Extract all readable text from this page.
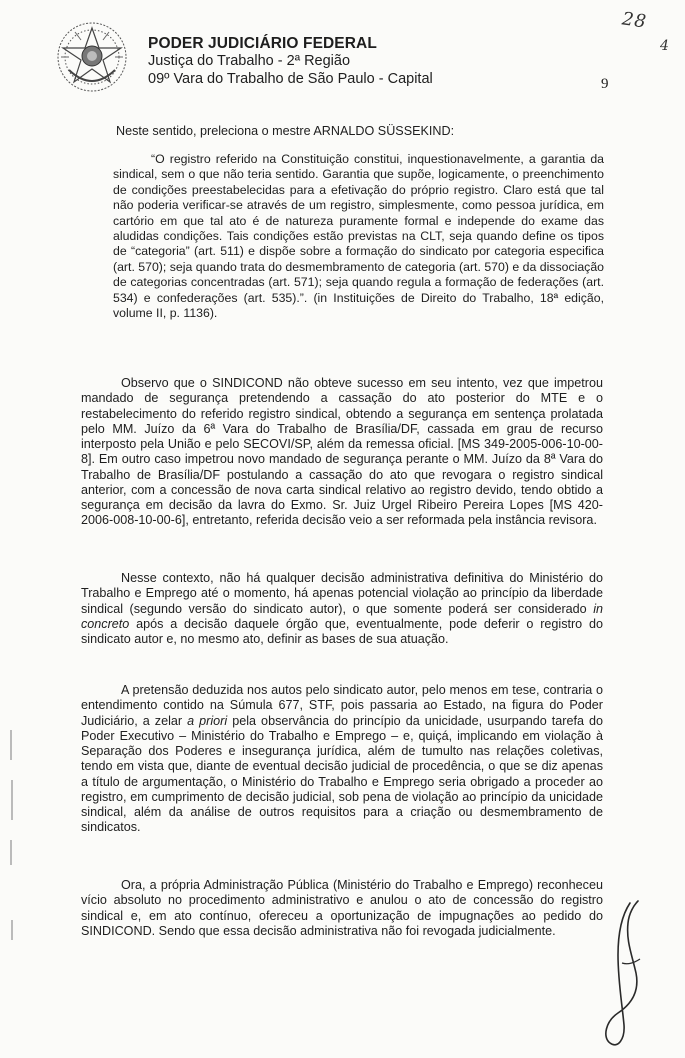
PODER JUDICIÁRIO FEDERAL
Justiça do Trabalho - 2ª Região
09º Vara do Trabalho de São Paulo - Capital	9
28
4
Neste sentido, preleciona o mestre ARNALDO SÜSSEKIND:
“O registro referido na Constituição constitui, inquestionavelmente, a garantia da sindical, sem o que não teria sentido. Garantia que supõe, logicamente, o preenchimento de condições preestabelecidas para a efetivação do próprio registro. Claro está que tal não poderia verificar-se através de um registro, simplesmente, como pessoa jurídica, em cartório em que tal ato é de natureza puramente formal e independe do exame das aludidas condições. Tais condições estão previstas na CLT, seja quando define os tipos de “categoria” (art. 511) e dispõe sobre a formação do sindicato por categoria especifica (art. 570); seja quando trata do desmembramento de categoria (art. 570) e da dissociação de categorias concentradas (art. 571); seja quando regula a formação de federações (art. 534) e confederações (art. 535).”. (in Instituições de Direito do Trabalho, 18ª edição, volume II, p. 1136).
Observo que o SINDICOND não obteve sucesso em seu intento, vez que impetrou mandado de segurança pretendendo a cassação do ato posterior do MTE e o restabelecimento do referido registro sindical, obtendo a segurança em sentença prolatada pelo MM. Juízo da 6ª Vara do Trabalho de Brasília/DF, cassada em grau de recurso interposto pela União e pelo SECOVI/SP, além da remessa oficial. [MS 349-2005-006-10-00-8]. Em outro caso impetrou novo mandado de segurança perante o MM. Juízo da 8ª Vara do Trabalho de Brasília/DF postulando a cassação do ato que revogara o registro sindical anterior, com a concessão de nova carta sindical relativo ao registro devido, tendo obtido a segurança em decisão da lavra do Exmo. Sr. Juiz Urgel Ribeiro Pereira Lopes [MS 420-2006-008-10-00-6], entretanto, referida decisão veio a ser reformada pela instância revisora.
Nesse contexto, não há qualquer decisão administrativa definitiva do Ministério do Trabalho e Emprego até o momento, há apenas potencial violação ao princípio da liberdade sindical (segundo versão do sindicato autor), o que somente poderá ser considerado in concreto após a decisão daquele órgão que, eventualmente, pode deferir o registro do sindicato autor e, no mesmo ato, definir as bases de sua atuação.
A pretensão deduzida nos autos pelo sindicato autor, pelo menos em tese, contraria o entendimento contido na Súmula 677, STF, pois passaria ao Estado, na figura do Poder Judiciário, a zelar a priori pela observância do princípio da unicidade, usurpando tarefa do Poder Executivo – Ministério do Trabalho e Emprego – e, quiçá, implicando em violação à Separação dos Poderes e insegurança jurídica, além de tumulto nas relações coletivas, tendo em vista que, diante de eventual decisão judicial de procedência, o que se diz apenas a título de argumentação, o Ministério do Trabalho e Emprego seria obrigado a proceder ao registro, em cumprimento de decisão judicial, sob pena de violação ao princípio da unicidade sindical, além da análise de outros requisitos para a criação ou desmembramento de sindicatos.
Ora, a própria Administração Pública (Ministério do Trabalho e Emprego) reconheceu vício absoluto no procedimento administrativo e anulou o ato de concessão do registro sindical e, em ato contínuo, ofereceu a oportunização de impugnações ao pedido do SINDICOND. Sendo que essa decisão administrativa não foi revogada judicialmente.
